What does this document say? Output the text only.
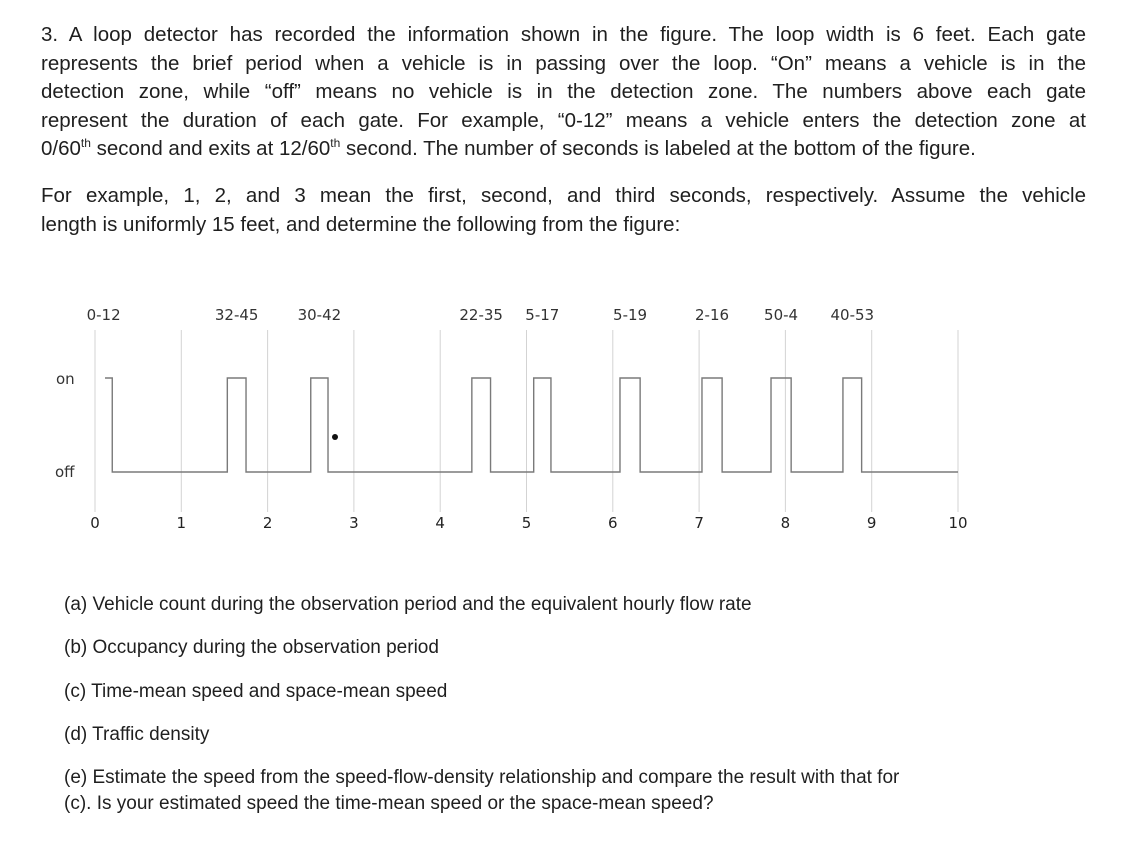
3. A loop detector has recorded the information shown in the figure. The loop width is 6 feet. Each gate
represents the brief period when a vehicle is in passing over the loop. “On” means a vehicle is in the
detection zone, while “off” means no vehicle is in the detection zone. The numbers above each gate
represent the duration of each gate. For example, “0-12” means a vehicle enters the detection zone at
0/60th second and exits at 12/60th second. The number of seconds is labeled at the bottom of the figure.
For example, 1, 2, and 3 mean the first, second, and third seconds, respectively. Assume the vehicle
length is uniformly 15 feet, and determine the following from the figure:
0-12	32-45	30-42	22-35 5-17	5-19	2-16 50-4 40-53
on
off
0	1	2	3	4	5	6	7	8	9	10
(a) Vehicle count during the observation period and the equivalent hourly flow rate
(b) Occupancy during the observation period
(c) Time-mean speed and space-mean speed
(d) Traffic density
(e) Estimate the speed from the speed-flow-density relationship and compare the result with that for
(c). Is your estimated speed the time-mean speed or the space-mean speed?
